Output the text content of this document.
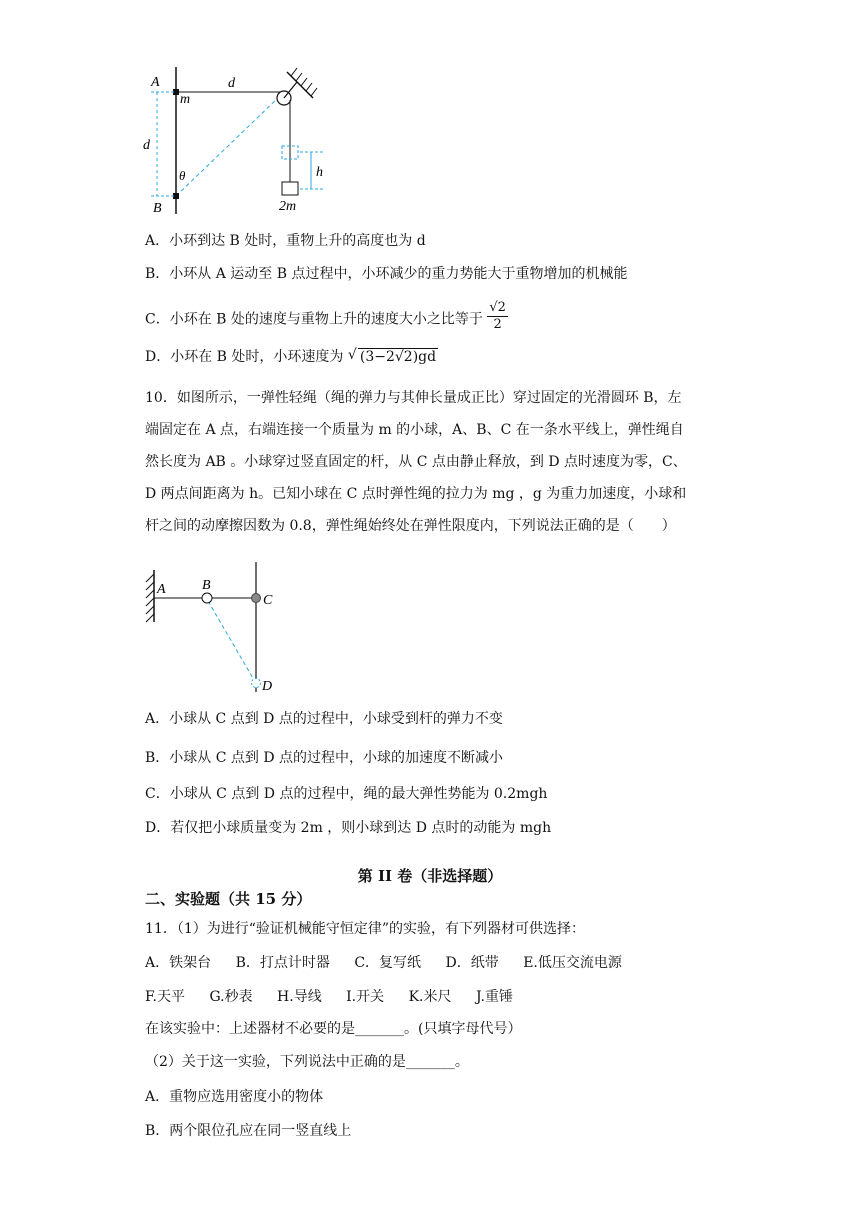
A
m
d
d
θ
B
h
2m
A．小环到达 B 处时，重物上升的高度也为 d
B．小环从 A 运动至 B 点过程中，小环减少的重力势能大于重物增加的机械能
C．小环在 B 处的速度与重物上升的速度大小之比等于 $\frac{√2}{2}$
D．小环在 B 处时，小环速度为 √ (3−2√2)gd

10．如图所示，一弹性轻绳（绳的弹力与其伸长量成正比）穿过固定的光滑圆环 B，左

端固定在 A 点，右端连接一个质量为 m 的小球，A、B、C 在一条水平线上，弹性绳自

然长度为 AB 。小球穿过竖直固定的杆，从 C 点由静止释放，到 D 点时速度为零，C、

D 两点间距离为 h。已知小球在 C 点时弹性绳的拉力为 mg ，g 为重力加速度，小球和

杆之间的动摩擦因数为 0.8，弹性绳始终处在弹性限度内，下列说法正确的是（　　）

A	B
C
D
A．小球从 C 点到 D 点的过程中，小球受到杆的弹力不变
B．小球从 C 点到 D 点的过程中，小球的加速度不断减小
C．小球从 C 点到 D 点的过程中，绳的最大弹性势能为 0.2mgh
D．若仅把小球质量变为 2m ，则小球到达 D 点时的动能为 mgh
第 II 卷（非选择题）
二、实验题（共 15 分）
11．（1）为进行“验证机械能守恒定律”的实验，有下列器材可供选择：
A．铁架台 B．打点计时器 C．复写纸 D．纸带 E.低压交流电源
F.天平 G.秒表 H.导线 I.开关 K.米尺 J.重锤
在该实验中：上述器材不必要的是_______。(只填字母代号）
（2）关于这一实验，下列说法中正确的是_______。
A．重物应选用密度小的物体
B．两个限位孔应在同一竖直线上
